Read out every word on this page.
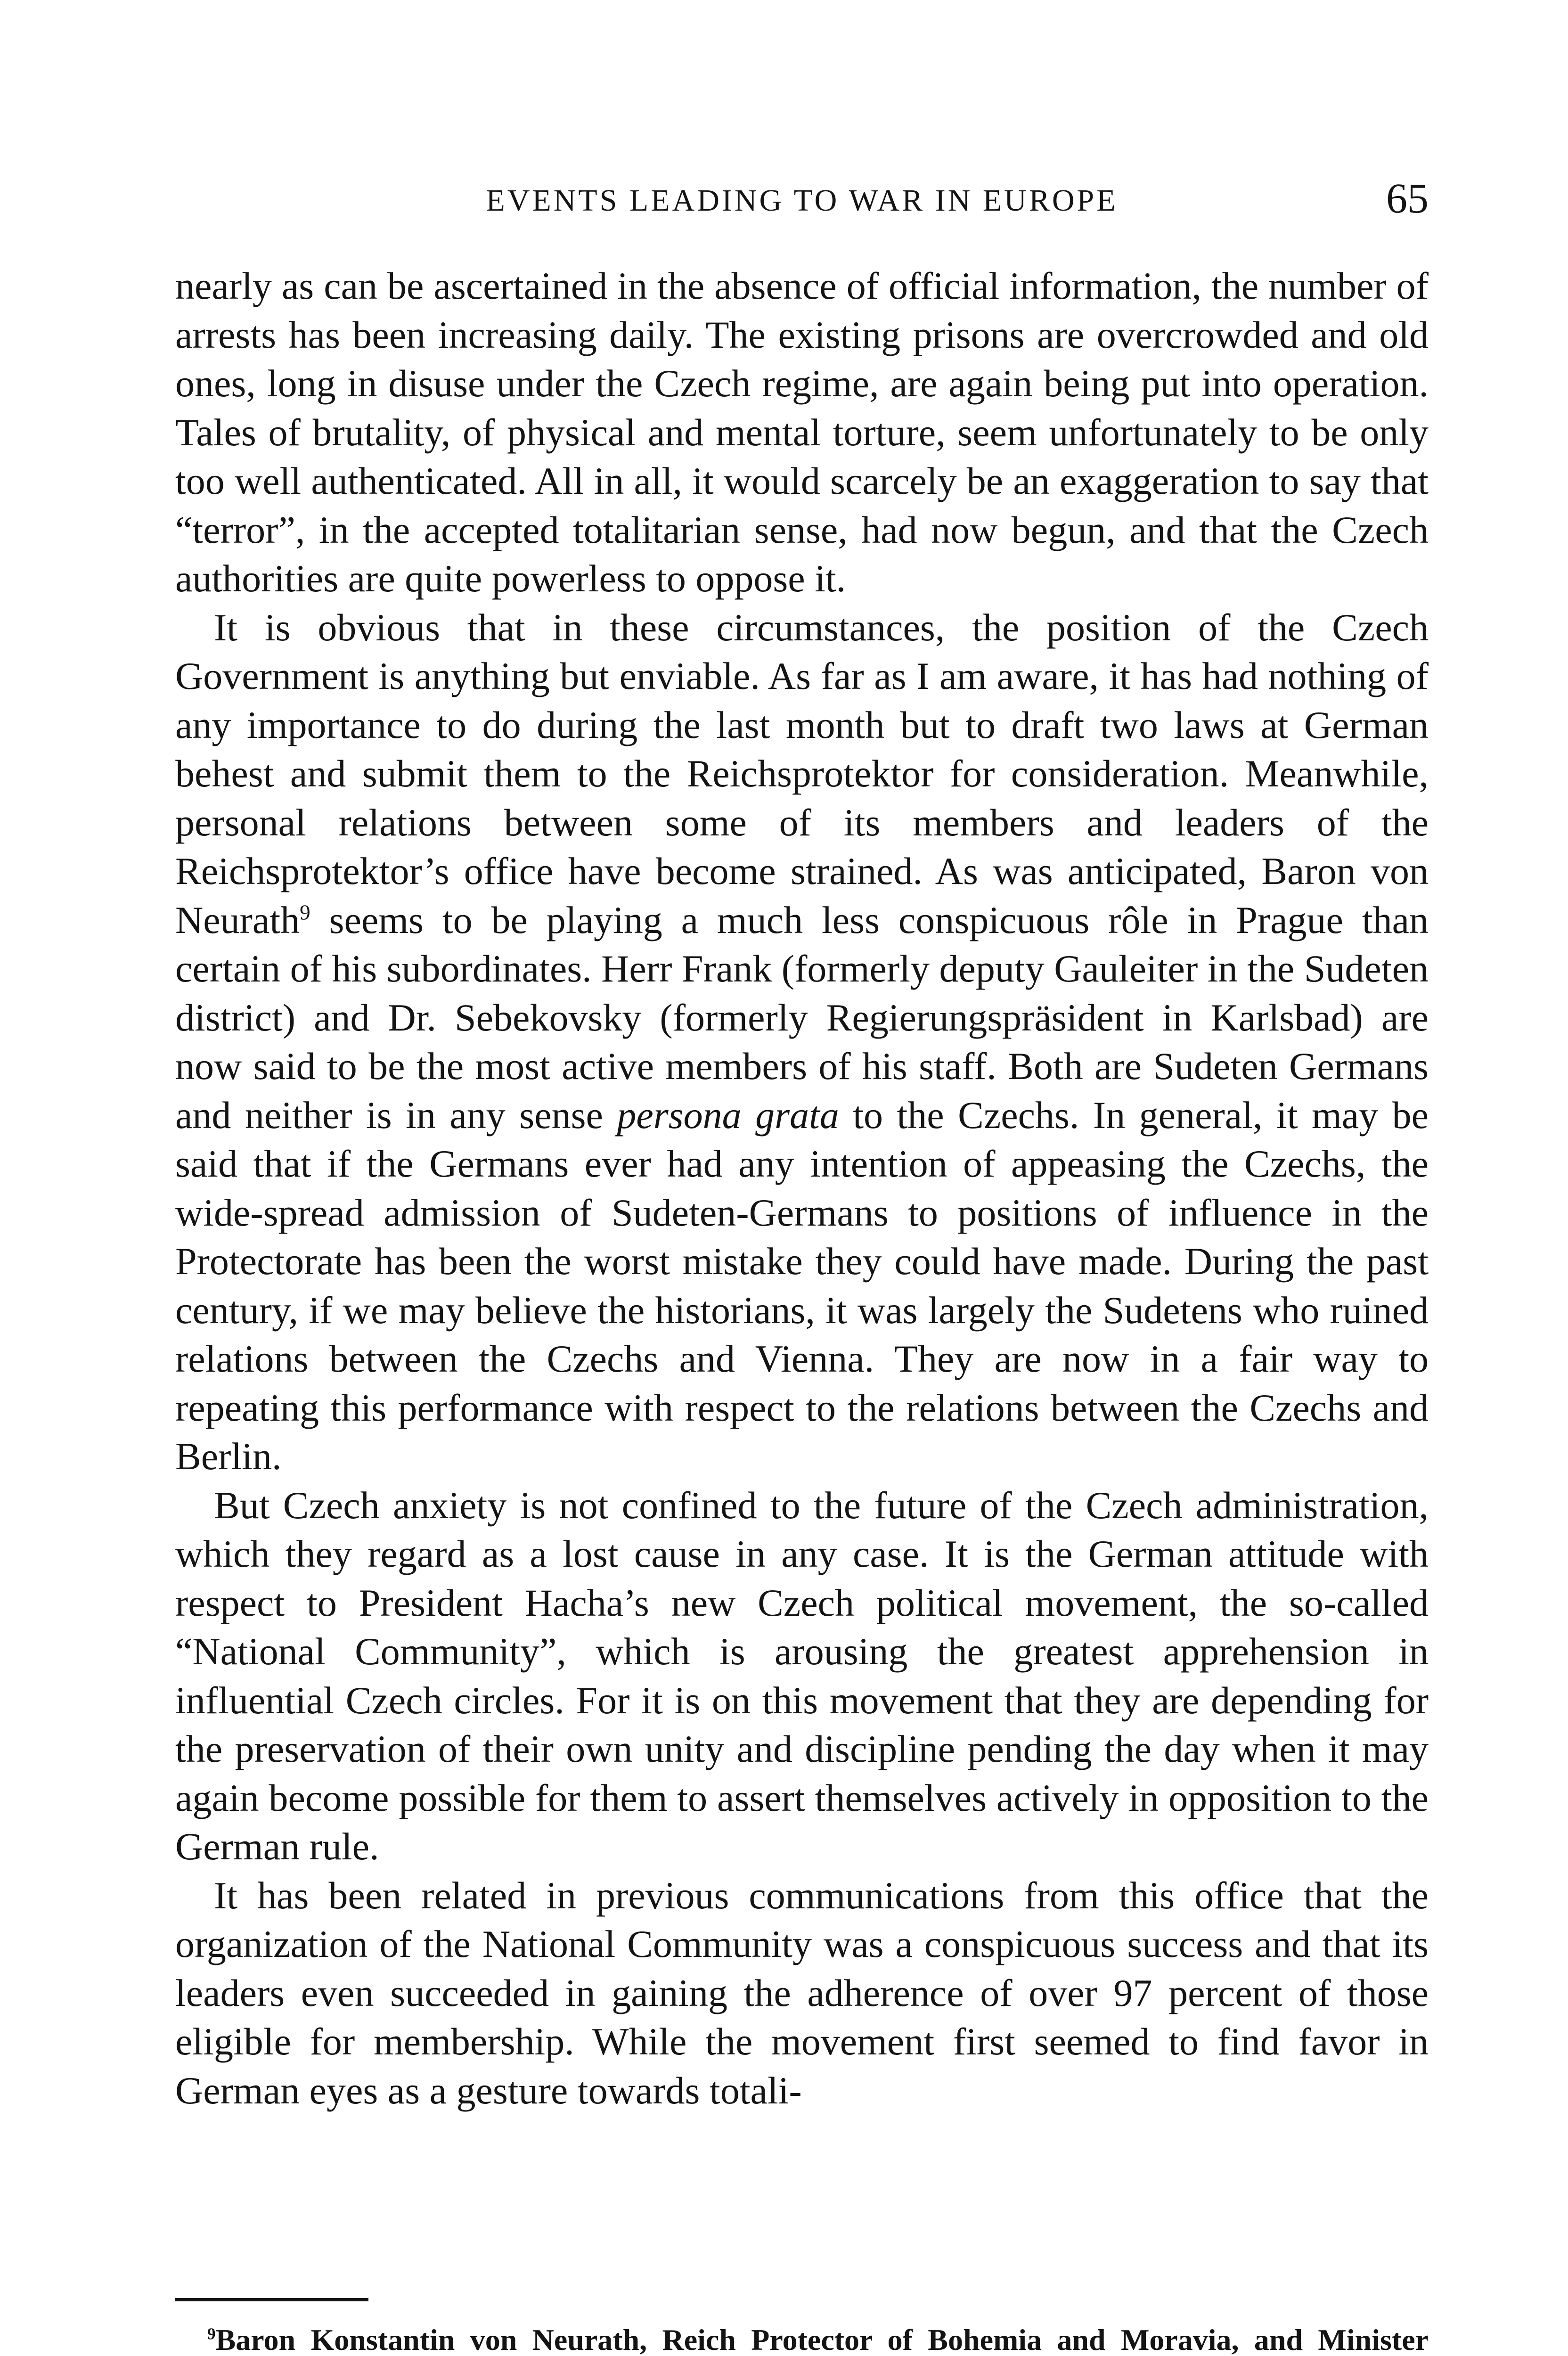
EVENTS LEADING TO WAR IN EUROPE	65

nearly as can be ascertained in the absence of official information, the number of arrests has been increasing daily. The existing prisons are overcrowded and old ones, long in disuse under the Czech regime, are again being put into operation. Tales of brutality, of physical and mental torture, seem unfortunately to be only too well authenticated. All in all, it would scarcely be an exaggeration to say that “terror”, in the accepted totalitarian sense, had now begun, and that the Czech authorities are quite powerless to oppose it.

It is obvious that in these circumstances, the position of the Czech Government is anything but enviable. As far as I am aware, it has had nothing of any importance to do during the last month but to draft two laws at German behest and submit them to the Reichsprotektor for consideration. Meanwhile, personal relations between some of its members and leaders of the Reichsprotektor’s office have become strained. As was anticipated, Baron von Neurath$^9$ seems to be playing a much less conspicuous rôle in Prague than certain of his subordinates. Herr Frank (formerly deputy Gauleiter in the Sudeten district) and Dr. Sebekovsky (formerly Regierungspräsident in Karlsbad) are now said to be the most active members of his staff. Both are Sudeten Germans and neither is in any sense persona grata to the Czechs. In general, it may be said that if the Germans ever had any intention of appeasing the Czechs, the wide-spread admission of Sudeten-Germans to positions of influence in the Protectorate has been the worst mistake they could have made. During the past century, if we may believe the historians, it was largely the Sudetens who ruined relations between the Czechs and Vienna. They are now in a fair way to repeating this performance with respect to the relations between the Czechs and Berlin.

But Czech anxiety is not confined to the future of the Czech administration, which they regard as a lost cause in any case. It is the German attitude with respect to President Hacha’s new Czech political movement, the so-called “National Community”, which is arousing the greatest apprehension in influential Czech circles. For it is on this movement that they are depending for the preservation of their own unity and discipline pending the day when it may again become possible for them to assert themselves actively in opposition to the German rule.

It has been related in previous communications from this office that the organization of the National Community was a conspicuous success and that its leaders even succeeded in gaining the adherence of over 97 percent of those eligible for membership. While the movement first seemed to find favor in German eyes as a gesture towards totali-

$^9$Baron Konstantin von Neurath, Reich Protector of Bohemia and Moravia, and Minister
